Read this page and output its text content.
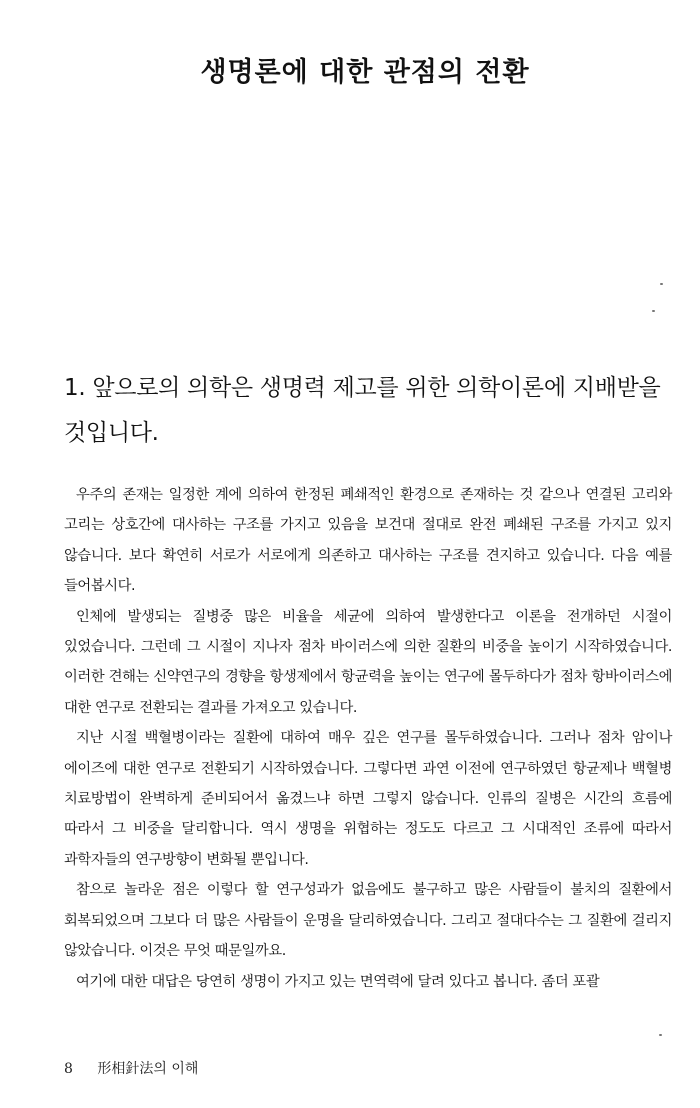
생명론에 대한 관점의 전환
1. 앞으로의 의학은 생명력 제고를 위한 의학이론에 지배받을 것입니다.

우주의 존재는 일정한 계에 의하여 한정된 폐쇄적인 환경으로 존재하는 것 같으나 연결된 고리와 고리는 상호간에 대사하는 구조를 가지고 있음을 보건대 절대로 완전 폐쇄된 구조를 가지고 있지 않습니다. 보다 확연히 서로가 서로에게 의존하고 대사하는 구조를 견지하고 있습니다. 다음 예를 들어봅시다.

인체에 발생되는 질병중 많은 비율을 세균에 의하여 발생한다고 이론을 전개하던 시절이 있었습니다. 그런데 그 시절이 지나자 점차 바이러스에 의한 질환의 비중을 높이기 시작하였습니다. 이러한 견해는 신약연구의 경향을 항생제에서 항균력을 높이는 연구에 몰두하다가 점차 항바이러스에 대한 연구로 전환되는 결과를 가져오고 있습니다.

지난 시절 백혈병이라는 질환에 대하여 매우 깊은 연구를 몰두하였습니다. 그러나 점차 암이나 에이즈에 대한 연구로 전환되기 시작하였습니다. 그렇다면 과연 이전에 연구하였던 항균제나 백혈병 치료방법이 완벽하게 준비되어서 옮겼느냐 하면 그렇지 않습니다. 인류의 질병은 시간의 흐름에 따라서 그 비중을 달리합니다. 역시 생명을 위협하는 정도도 다르고 그 시대적인 조류에 따라서 과학자들의 연구방향이 변화될 뿐입니다.

참으로 놀라운 점은 이렇다 할 연구성과가 없음에도 불구하고 많은 사람들이 불치의 질환에서 회복되었으며 그보다 더 많은 사람들이 운명을 달리하였습니다. 그리고 절대다수는 그 질환에 걸리지 않았습니다. 이것은 무엇 때문일까요.

여기에 대한 대답은 당연히 생명이 가지고 있는 면역력에 달려 있다고 봅니다. 좀더 포괄

8 形相針法의 이해
